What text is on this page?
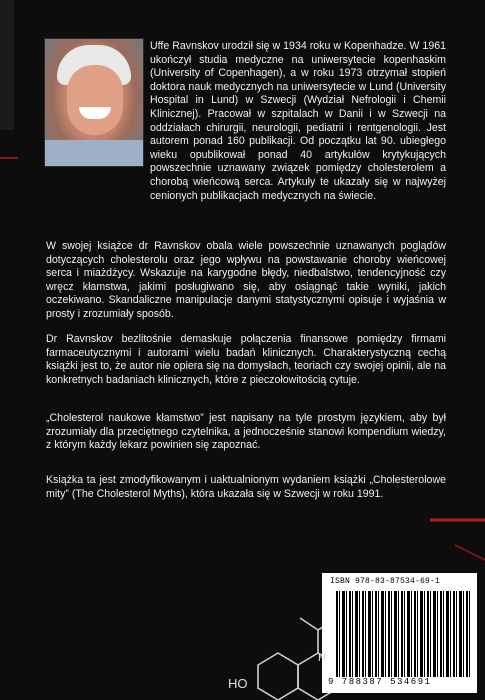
Uffe Ravnskov urodził się w 1934 roku w Kopenhadze. W 1961 ukończył studia medyczne na uniwersytecie kopenhaskim (University of Copenhagen), a w roku 1973 otrzymał stopień doktora nauk medycznych na uniwersytecie w Lund (University Hospital in Lund) w Szwecji (Wydział Nefrologii i Chemii Klinicznej). Pracował w szpitalach w Danii i w Szwecji na oddziałach chirurgii, neurologii, pediatrii i rentgenologii. Jest autorem ponad 160 publikacji. Od początku lat 90. ubiegłego wieku opublikował ponad 40 artykułów krytykujących powszechnie uznawany związek pomiędzy cholesterolem a chorobą wieńcową serca. Artykuły te ukazały się w najwyżej cenionych publikacjach medycznych na świecie.

W swojej książce dr Ravnskov obala wiele powszechnie uznawanych poglądów dotyczących cholesterolu oraz jego wpływu na powstawanie choroby wieńcowej serca i miażdżycy. Wskazuje na karygodne błędy, niedbalstwo, tendencyjność czy wręcz kłamstwa, jakimi posługiwano się, aby osiągnąć takie wyniki, jakich oczekiwano. Skandaliczne manipulacje danymi statystycznymi opisuje i wyjaśnia w prosty i zrozumiały sposób.

Dr Ravnskov bezlitośnie demaskuje połączenia finansowe pomiędzy firmami farmaceutycznymi i autorami wielu badań klinicznych. Charakterystyczną cechą książki jest to, że autor nie opiera się na domysłach, teoriach czy swojej opinii, ale na konkretnych badaniach klinicznych, które z pieczołowitością cytuje.

„Cholesterol naukowe kłamstwo” jest napisany na tyle prostym językiem, aby był zrozumiały dla przeciętnego czytelnika, a jednocześnie stanowi kompendium wiedzy, z którym każdy lekarz powinien się zapoznać.

Książka ta jest zmodyfikowanym i uaktualnionym wydaniem książki „Cholesterolowe mity” (The Cholesterol Myths), która ukazała się w Szwecji w roku 1991.

ISBN 978-83-87534-69-1
9 788387 534691
HO
H
